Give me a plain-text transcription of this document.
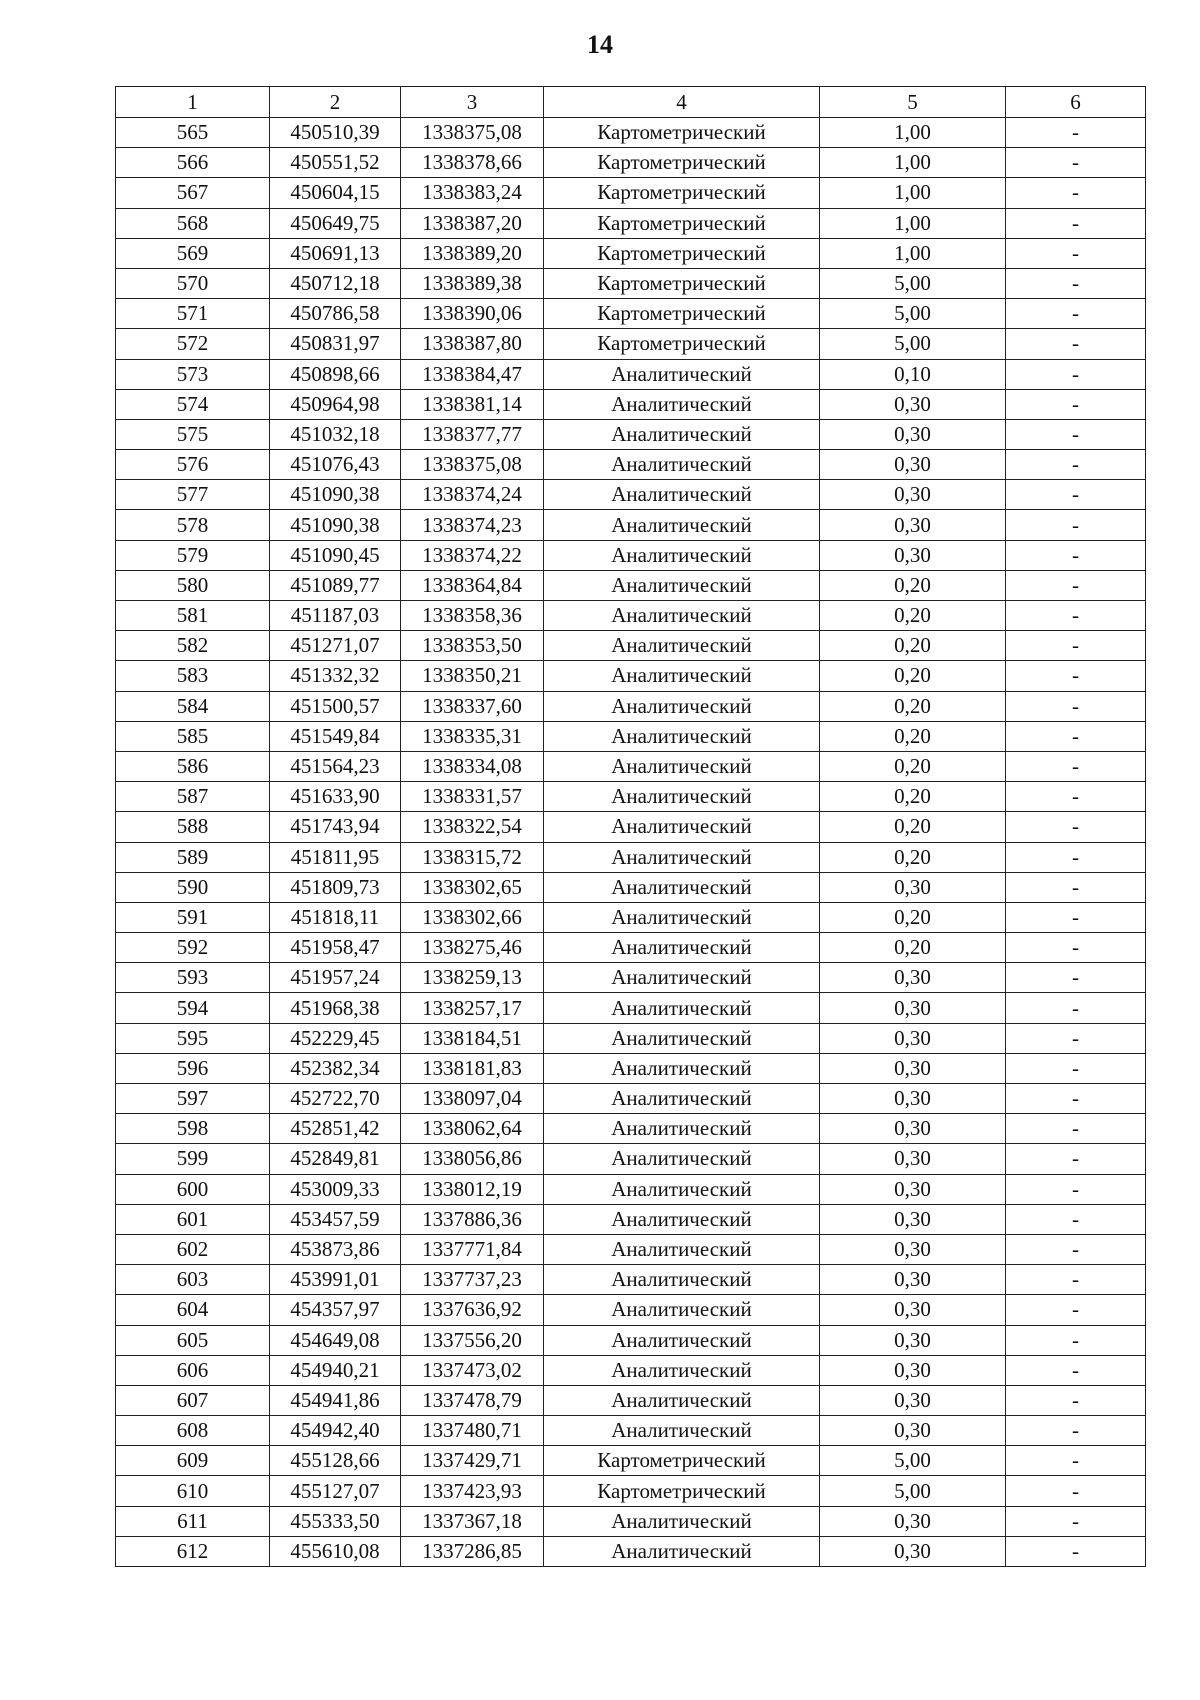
14
1	2	3	4	5	6
565	450510,39	1338375,08	Картометрический	1,00	-
566	450551,52	1338378,66	Картометрический	1,00	-
567	450604,15	1338383,24	Картометрический	1,00	-
568	450649,75	1338387,20	Картометрический	1,00	-
569	450691,13	1338389,20	Картометрический	1,00	-
570	450712,18	1338389,38	Картометрический	5,00	-
571	450786,58	1338390,06	Картометрический	5,00	-
572	450831,97	1338387,80	Картометрический	5,00	-
573	450898,66	1338384,47	Аналитический	0,10	-
574	450964,98	1338381,14	Аналитический	0,30	-
575	451032,18	1338377,77	Аналитический	0,30	-
576	451076,43	1338375,08	Аналитический	0,30	-
577	451090,38	1338374,24	Аналитический	0,30	-
578	451090,38	1338374,23	Аналитический	0,30	-
579	451090,45	1338374,22	Аналитический	0,30	-
580	451089,77	1338364,84	Аналитический	0,20	-
581	451187,03	1338358,36	Аналитический	0,20	-
582	451271,07	1338353,50	Аналитический	0,20	-
583	451332,32	1338350,21	Аналитический	0,20	-
584	451500,57	1338337,60	Аналитический	0,20	-
585	451549,84	1338335,31	Аналитический	0,20	-
586	451564,23	1338334,08	Аналитический	0,20	-
587	451633,90	1338331,57	Аналитический	0,20	-
588	451743,94	1338322,54	Аналитический	0,20	-
589	451811,95	1338315,72	Аналитический	0,20	-
590	451809,73	1338302,65	Аналитический	0,30	-
591	451818,11	1338302,66	Аналитический	0,20	-
592	451958,47	1338275,46	Аналитический	0,20	-
593	451957,24	1338259,13	Аналитический	0,30	-
594	451968,38	1338257,17	Аналитический	0,30	-
595	452229,45	1338184,51	Аналитический	0,30	-
596	452382,34	1338181,83	Аналитический	0,30	-
597	452722,70	1338097,04	Аналитический	0,30	-
598	452851,42	1338062,64	Аналитический	0,30	-
599	452849,81	1338056,86	Аналитический	0,30	-
600	453009,33	1338012,19	Аналитический	0,30	-
601	453457,59	1337886,36	Аналитический	0,30	-
602	453873,86	1337771,84	Аналитический	0,30	-
603	453991,01	1337737,23	Аналитический	0,30	-
604	454357,97	1337636,92	Аналитический	0,30	-
605	454649,08	1337556,20	Аналитический	0,30	-
606	454940,21	1337473,02	Аналитический	0,30	-
607	454941,86	1337478,79	Аналитический	0,30	-
608	454942,40	1337480,71	Аналитический	0,30	-
609	455128,66	1337429,71	Картометрический	5,00	-
610	455127,07	1337423,93	Картометрический	5,00	-
611	455333,50	1337367,18	Аналитический	0,30	-
612	455610,08	1337286,85	Аналитический	0,30	-
